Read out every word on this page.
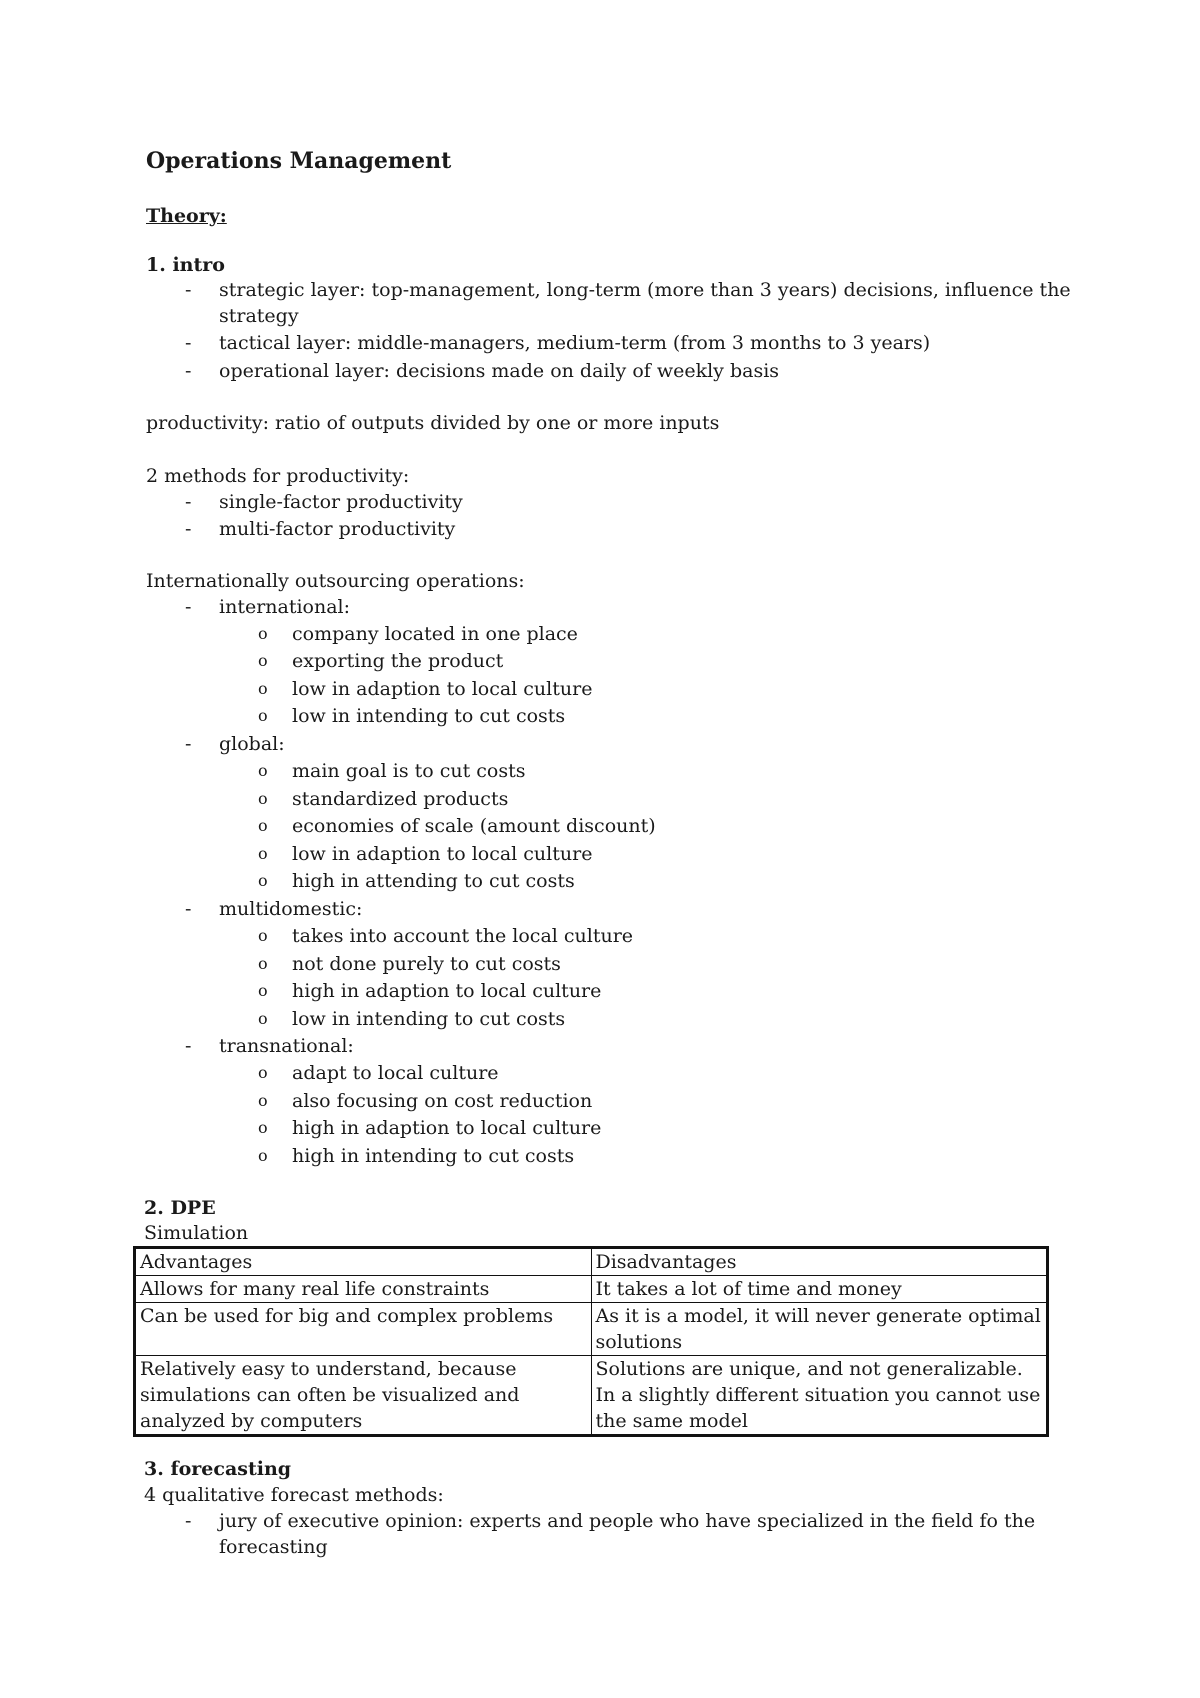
Operations Management
Theory:
1. intro
- strategic layer: top-management, long-term (more than 3 years) decisions, influence the
strategy
- tactical layer: middle-managers, medium-term (from 3 months to 3 years)
- operational layer: decisions made on daily of weekly basis
productivity: ratio of outputs divided by one or more inputs
2 methods for productivity:
- single-factor productivity
- multi-factor productivity
Internationally outsourcing operations:
- international:
o company located in one place
o exporting the product
o low in adaption to local culture
o low in intending to cut costs
- global:
o main goal is to cut costs
o standardized products
o economies of scale (amount discount)
o low in adaption to local culture
o high in attending to cut costs
- multidomestic:
o takes into account the local culture
o not done purely to cut costs
o high in adaption to local culture
o low in intending to cut costs
- transnational:
o adapt to local culture
o also focusing on cost reduction
o high in adaption to local culture
o high in intending to cut costs
2. DPE
Simulation
Advantages	Disadvantages
Allows for many real life constraints	It takes a lot of time and money
Can be used for big and complex problems	As it is a model, it will never generate optimal solutions
Relatively easy to understand, because simulations can often be visualized and analyzed by computers	Solutions are unique, and not generalizable. In a slightly different situation you cannot use the same model
3. forecasting
4 qualitative forecast methods:
- jury of executive opinion: experts and people who have specialized in the field fo the
forecasting
